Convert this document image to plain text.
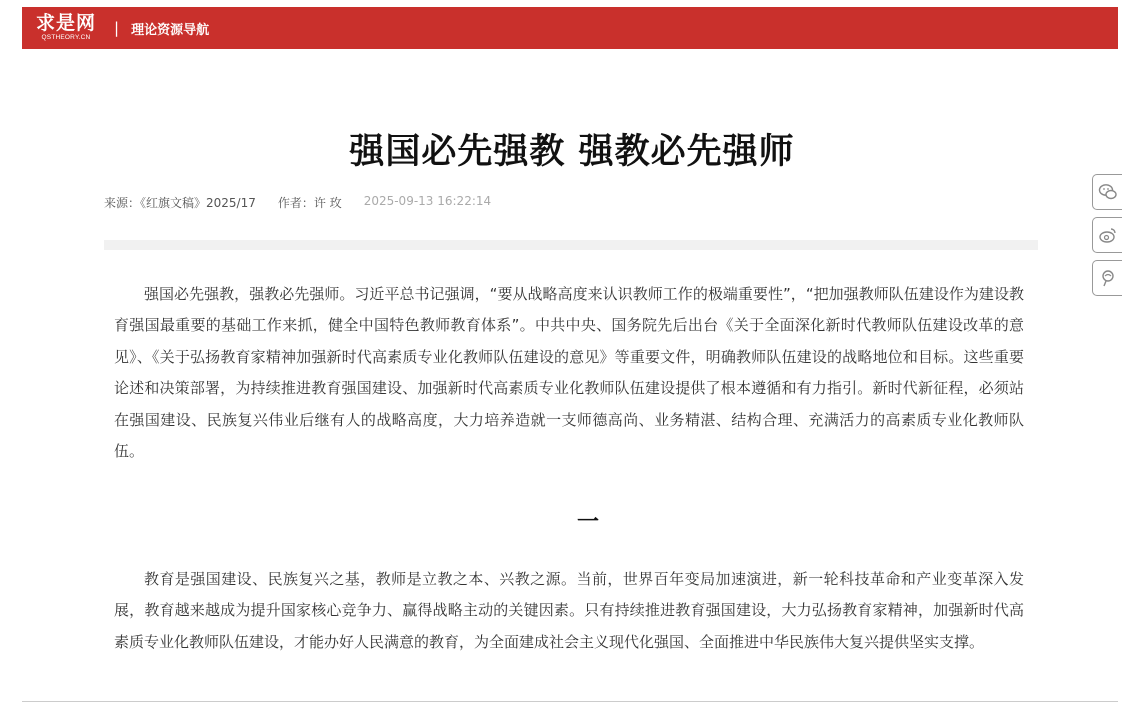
求是网
QSTHEORY.CN
| 理论资源导航
强国必先强教 强教必先强师
来源：《红旗文稿》2025/17 作者：许 玫 2025-09-13 16:22:14

强国必先强教，强教必先强师。习近平总书记强调，“要从战略高度来认识教师工作的极端重要性”，“把加强教师队伍建设作为建设教育强国最重要的基础工作来抓，健全中国特色教师教育体系”。中共中央、国务院先后出台《关于全面深化新时代教师队伍建设改革的意见》、《关于弘扬教育家精神加强新时代高素质专业化教师队伍建设的意见》等重要文件，明确教师队伍建设的战略地位和目标。这些重要论述和决策部署，为持续推进教育强国建设、加强新时代高素质专业化教师队伍建设提供了根本遵循和有力指引。新时代新征程，必须站在强国建设、民族复兴伟业后继有人的战略高度，大力培养造就一支师德高尚、业务精湛、结构合理、充满活力的高素质专业化教师队伍。

一

教育是强国建设、民族复兴之基，教师是立教之本、兴教之源。当前，世界百年变局加速演进，新一轮科技革命和产业变革深入发展，教育越来越成为提升国家核心竞争力、赢得战略主动的关键因素。只有持续推进教育强国建设，大力弘扬教育家精神，加强新时代高素质专业化教师队伍建设，才能办好人民满意的教育，为全面建成社会主义现代化强国、全面推进中华民族伟大复兴提供坚实支撑。
